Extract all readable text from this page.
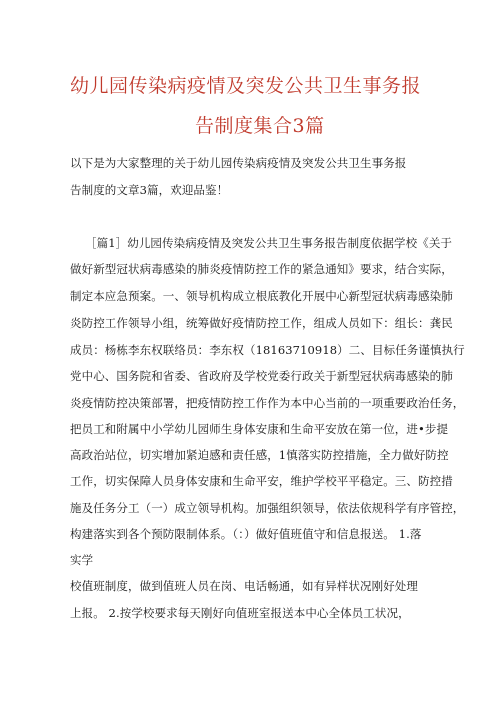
幼儿园传染病疫情及突发公共卫生事务报
告制度集合3篇
以下是为大家整理的关于幼儿园传染病疫情及突发公共卫生事务报
告制度的文章3篇，欢迎品鉴！
［篇1］幼儿园传染病疫情及突发公共卫生事务报告制度依据学校《关于
做好新型冠状病毒感染的肺炎疫情防控工作的紧急通知》要求，结合实际，
制定本应急预案。一、领导机构成立根底教化开展中心新型冠状病毒感染肺
炎防控工作领导小组，统筹做好疫情防控工作，组成人员如下：组长：龚民
成员：杨栋李东权联络员：李东权（18163710918）二、目标任务谨慎执行
党中心、国务院和省委、省政府及学校党委行政关于新型冠状病毒感染的肺
炎疫情防控决策部署，把疫情防控工作作为本中心当前的一项重要政治任务，
把员工和附属中小学幼儿园师生身体安康和生命平安放在第一位，进•步提
高政治站位，切实增加紧迫感和责任感，1慎落实防控措施，全力做好防控
工作，切实保障人员身体安康和生命平安，维护学校平平稳定。三、防控措
施及任务分工（一）成立领导机构。加强组织领导，依法依规科学有序管控，
构建落实到各个预防限制体系。（：）做好值班值守和信息报送。 1.落
实学
校值班制度，做到值班人员在岗、电话畅通，如有异样状况刚好处理
上报。 2.按学校要求每天刚好向值班室报送本中心全体员工状况，
